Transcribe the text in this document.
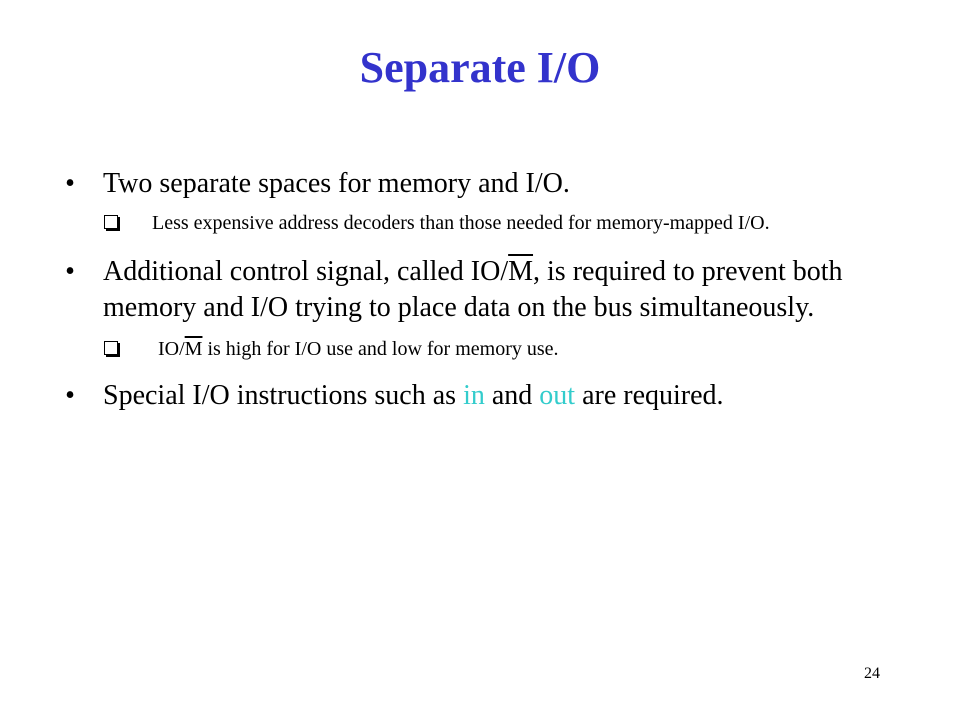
Separate I/O
• Two separate spaces for memory and I/O.
Less expensive address decoders than those needed for memory-mapped I/O.
• Additional control signal, called $IO/\overline{M}$, is required to prevent both memory and I/O trying to place data on the bus simultaneously.
$IO/\overline{M}$ is high for I/O use and low for memory use.
• Special I/O instructions such as in and out are required.
24
